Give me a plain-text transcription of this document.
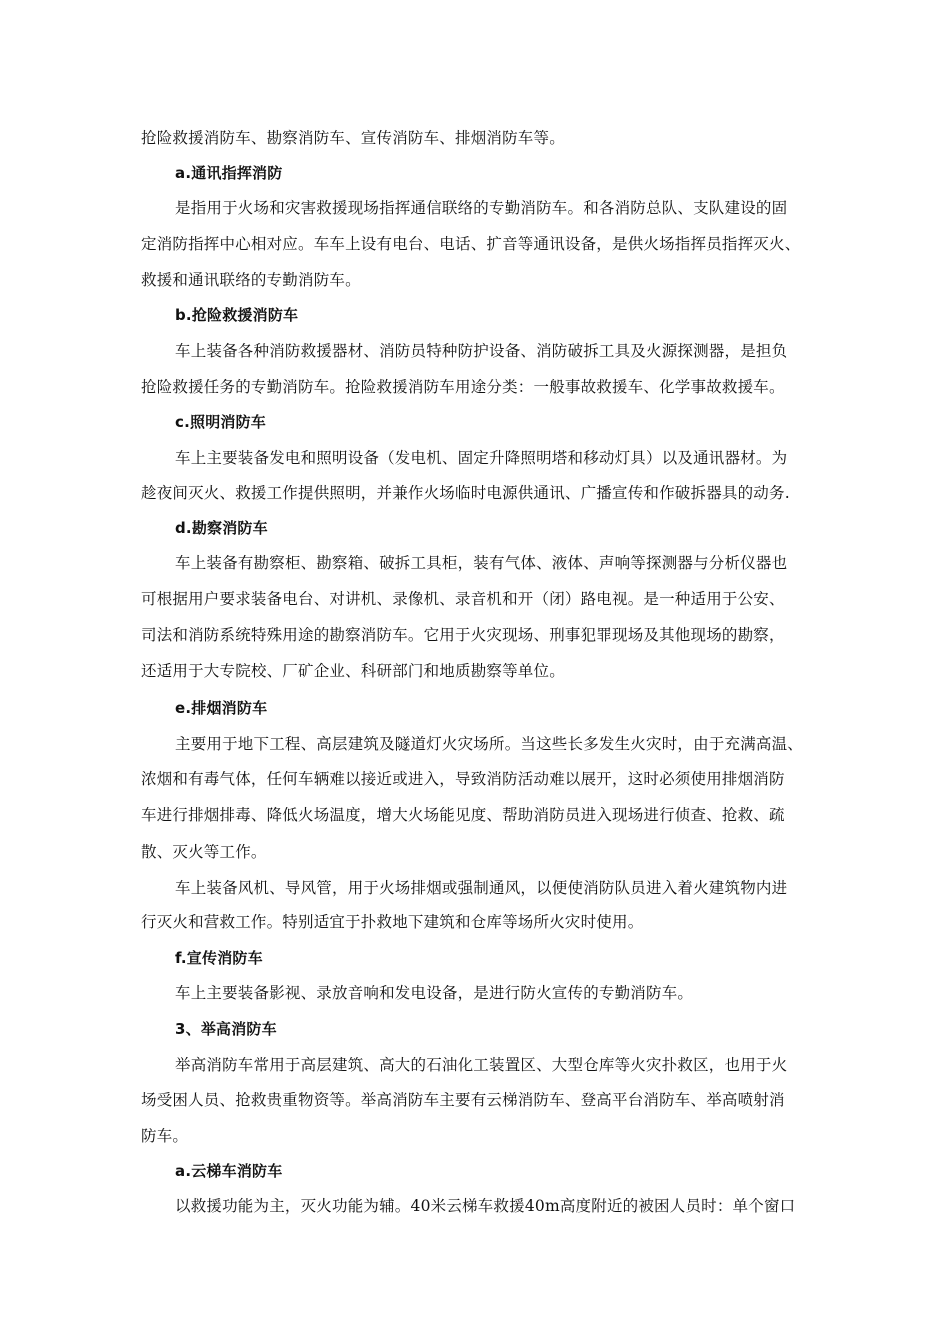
抢险救援消防车、勘察消防车、宣传消防车、排烟消防车等。
a.通讯指挥消防
是指用于火场和灾害救援现场指挥通信联络的专勤消防车。和各消防总队、支队建设的固
定消防指挥中心相对应。车车上设有电台、电话、扩音等通讯设备，是供火场指挥员指挥灭火、
救援和通讯联络的专勤消防车。
b.抢险救援消防车
车上装备各种消防救援器材、消防员特种防护设备、消防破拆工具及火源探测器，是担负
抢险救援任务的专勤消防车。抢险救援消防车用途分类：一般事故救援车、化学事故救援车。
c.照明消防车
车上主要装备发电和照明设备（发电机、固定升降照明塔和移动灯具）以及通讯器材。为
趁夜间灭火、救援工作提供照明，并兼作火场临时电源供通讯、广播宣传和作破拆器具的动务.
d.勘察消防车
车上装备有勘察柜、勘察箱、破拆工具柜，装有气体、液体、声响等探测器与分析仪器也
可根据用户要求装备电台、对讲机、录像机、录音机和开（闭）路电视。是一种适用于公安、
司法和消防系统特殊用途的勘察消防车。它用于火灾现场、刑事犯罪现场及其他现场的勘察，
还适用于大专院校、厂矿企业、科研部门和地质勘察等单位。
e.排烟消防车
主要用于地下工程、高层建筑及隧道灯火灾场所。当这些长多发生火灾时，由于充满高温、
浓烟和有毒气体，任何车辆难以接近或进入，导致消防活动难以展开，这时必须使用排烟消防
车进行排烟排毒、降低火场温度，增大火场能见度、帮助消防员进入现场进行侦查、抢救、疏
散、灭火等工作。
车上装备风机、导风管，用于火场排烟或强制通风，以便使消防队员进入着火建筑物内进
行灭火和营救工作。特别适宜于扑救地下建筑和仓库等场所火灾时使用。
f.宣传消防车
车上主要装备影视、录放音响和发电设备，是进行防火宣传的专勤消防车。
3、举高消防车
举高消防车常用于高层建筑、高大的石油化工装置区、大型仓库等火灾扑救区，也用于火
场受困人员、抢救贵重物资等。举高消防车主要有云梯消防车、登高平台消防车、举高喷射消
防车。
a.云梯车消防车
以救援功能为主，灭火功能为辅。40米云梯车救援40m高度附近的被困人员时：单个窗口
